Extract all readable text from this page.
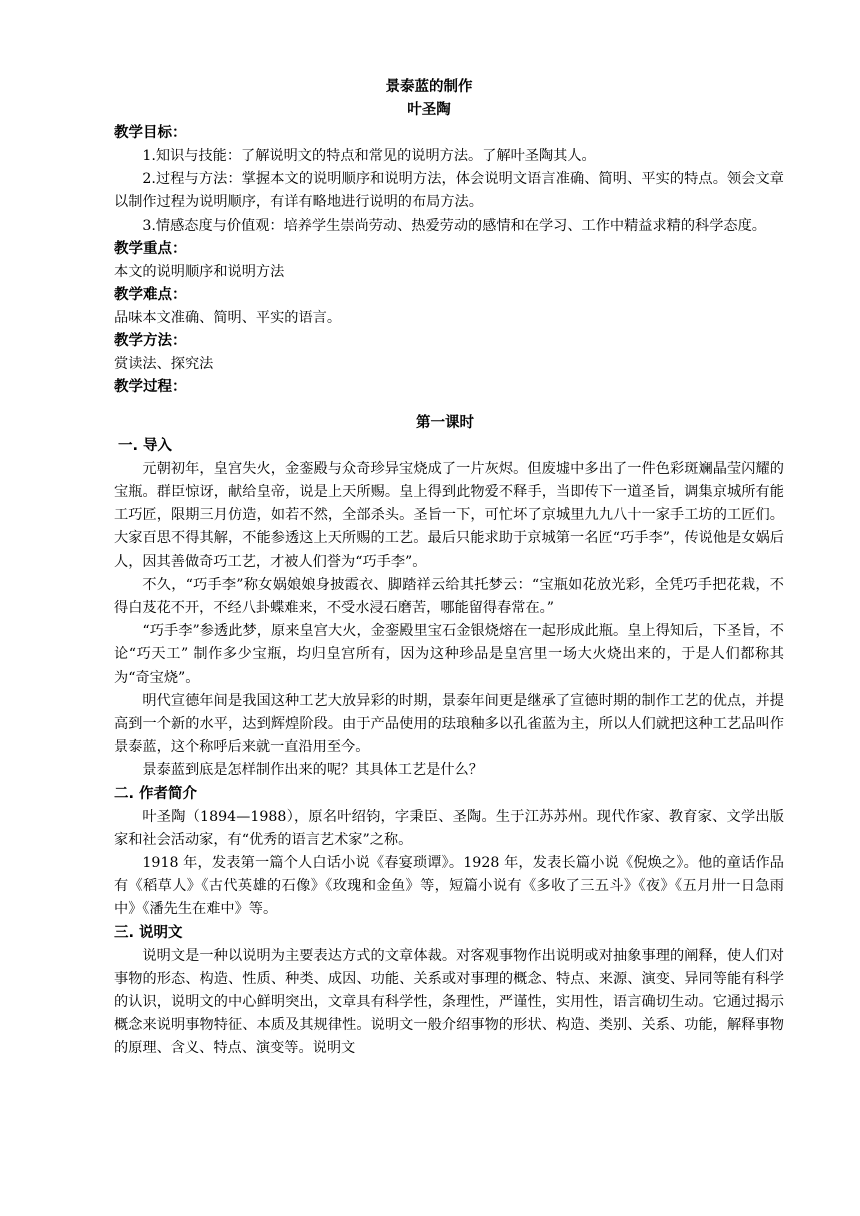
景泰蓝的制作
叶圣陶
教学目标：
1.知识与技能：了解说明文的特点和常见的说明方法。了解叶圣陶其人。
2.过程与方法：掌握本文的说明顺序和说明方法，体会说明文语言准确、简明、平实的特点。领会文章以制作过程为说明顺序，有详有略地进行说明的布局方法。
3.情感态度与价值观：培养学生崇尚劳动、热爱劳动的感情和在学习、工作中精益求精的科学态度。
教学重点：
本文的说明顺序和说明方法
教学难点：
品味本文准确、简明、平实的语言。
教学方法：
赏读法、探究法
教学过程：
第一课时
一. 导入
元朝初年，皇宫失火，金銮殿与众奇珍异宝烧成了一片灰烬。但废墟中多出了一件色彩斑斓晶莹闪耀的宝瓶。群臣惊讶，献给皇帝，说是上天所赐。皇上得到此物爱不释手，当即传下一道圣旨，调集京城所有能工巧匠，限期三月仿造，如若不然，全部杀头。圣旨一下，可忙坏了京城里九九八十一家手工坊的工匠们。大家百思不得其解，不能参透这上天所赐的工艺。最后只能求助于京城第一名匠“巧手李”，传说他是女娲后人，因其善做奇巧工艺，才被人们誉为“巧手李”。
不久，“巧手李”称女娲娘娘身披霞衣、脚踏祥云给其托梦云：“宝瓶如花放光彩，全凭巧手把花栽，不得白芨花不开，不经八卦蝶难来，不受水浸石磨苦，哪能留得春常在。”
“巧手李”参透此梦，原来皇宫大火，金銮殿里宝石金银烧熔在一起形成此瓶。皇上得知后，下圣旨，不论“巧天工” 制作多少宝瓶，均归皇宫所有，因为这种珍品是皇宫里一场大火烧出来的，于是人们都称其为“奇宝烧”。
明代宣德年间是我国这种工艺大放异彩的时期，景泰年间更是继承了宣德时期的制作工艺的优点，并提高到一个新的水平，达到辉煌阶段。由于产品使用的珐琅釉多以孔雀蓝为主，所以人们就把这种工艺品叫作景泰蓝，这个称呼后来就一直沿用至今。
景泰蓝到底是怎样制作出来的呢？其具体工艺是什么？
二. 作者简介
叶圣陶（1894—1988），原名叶绍钧，字秉臣、圣陶。生于江苏苏州。现代作家、教育家、文学出版家和社会活动家，有“优秀的语言艺术家”之称。
1918 年，发表第一篇个人白话小说《春宴琐谭》。1928 年，发表长篇小说《倪焕之》。他的童话作品有《稻草人》《古代英雄的石像》《玫瑰和金鱼》等，短篇小说有《多收了三五斗》《夜》《五月卅一日急雨中》《潘先生在难中》等。
三. 说明文
说明文是一种以说明为主要表达方式的文章体裁。对客观事物作出说明或对抽象事理的阐释，使人们对事物的形态、构造、性质、种类、成因、功能、关系或对事理的概念、特点、来源、演变、异同等能有科学的认识，说明文的中心鲜明突出，文章具有科学性，条理性，严谨性，实用性，语言确切生动。它通过揭示概念来说明事物特征、本质及其规律性。说明文一般介绍事物的形状、构造、类别、关系、功能，解释事物的原理、含义、特点、演变等。说明文
